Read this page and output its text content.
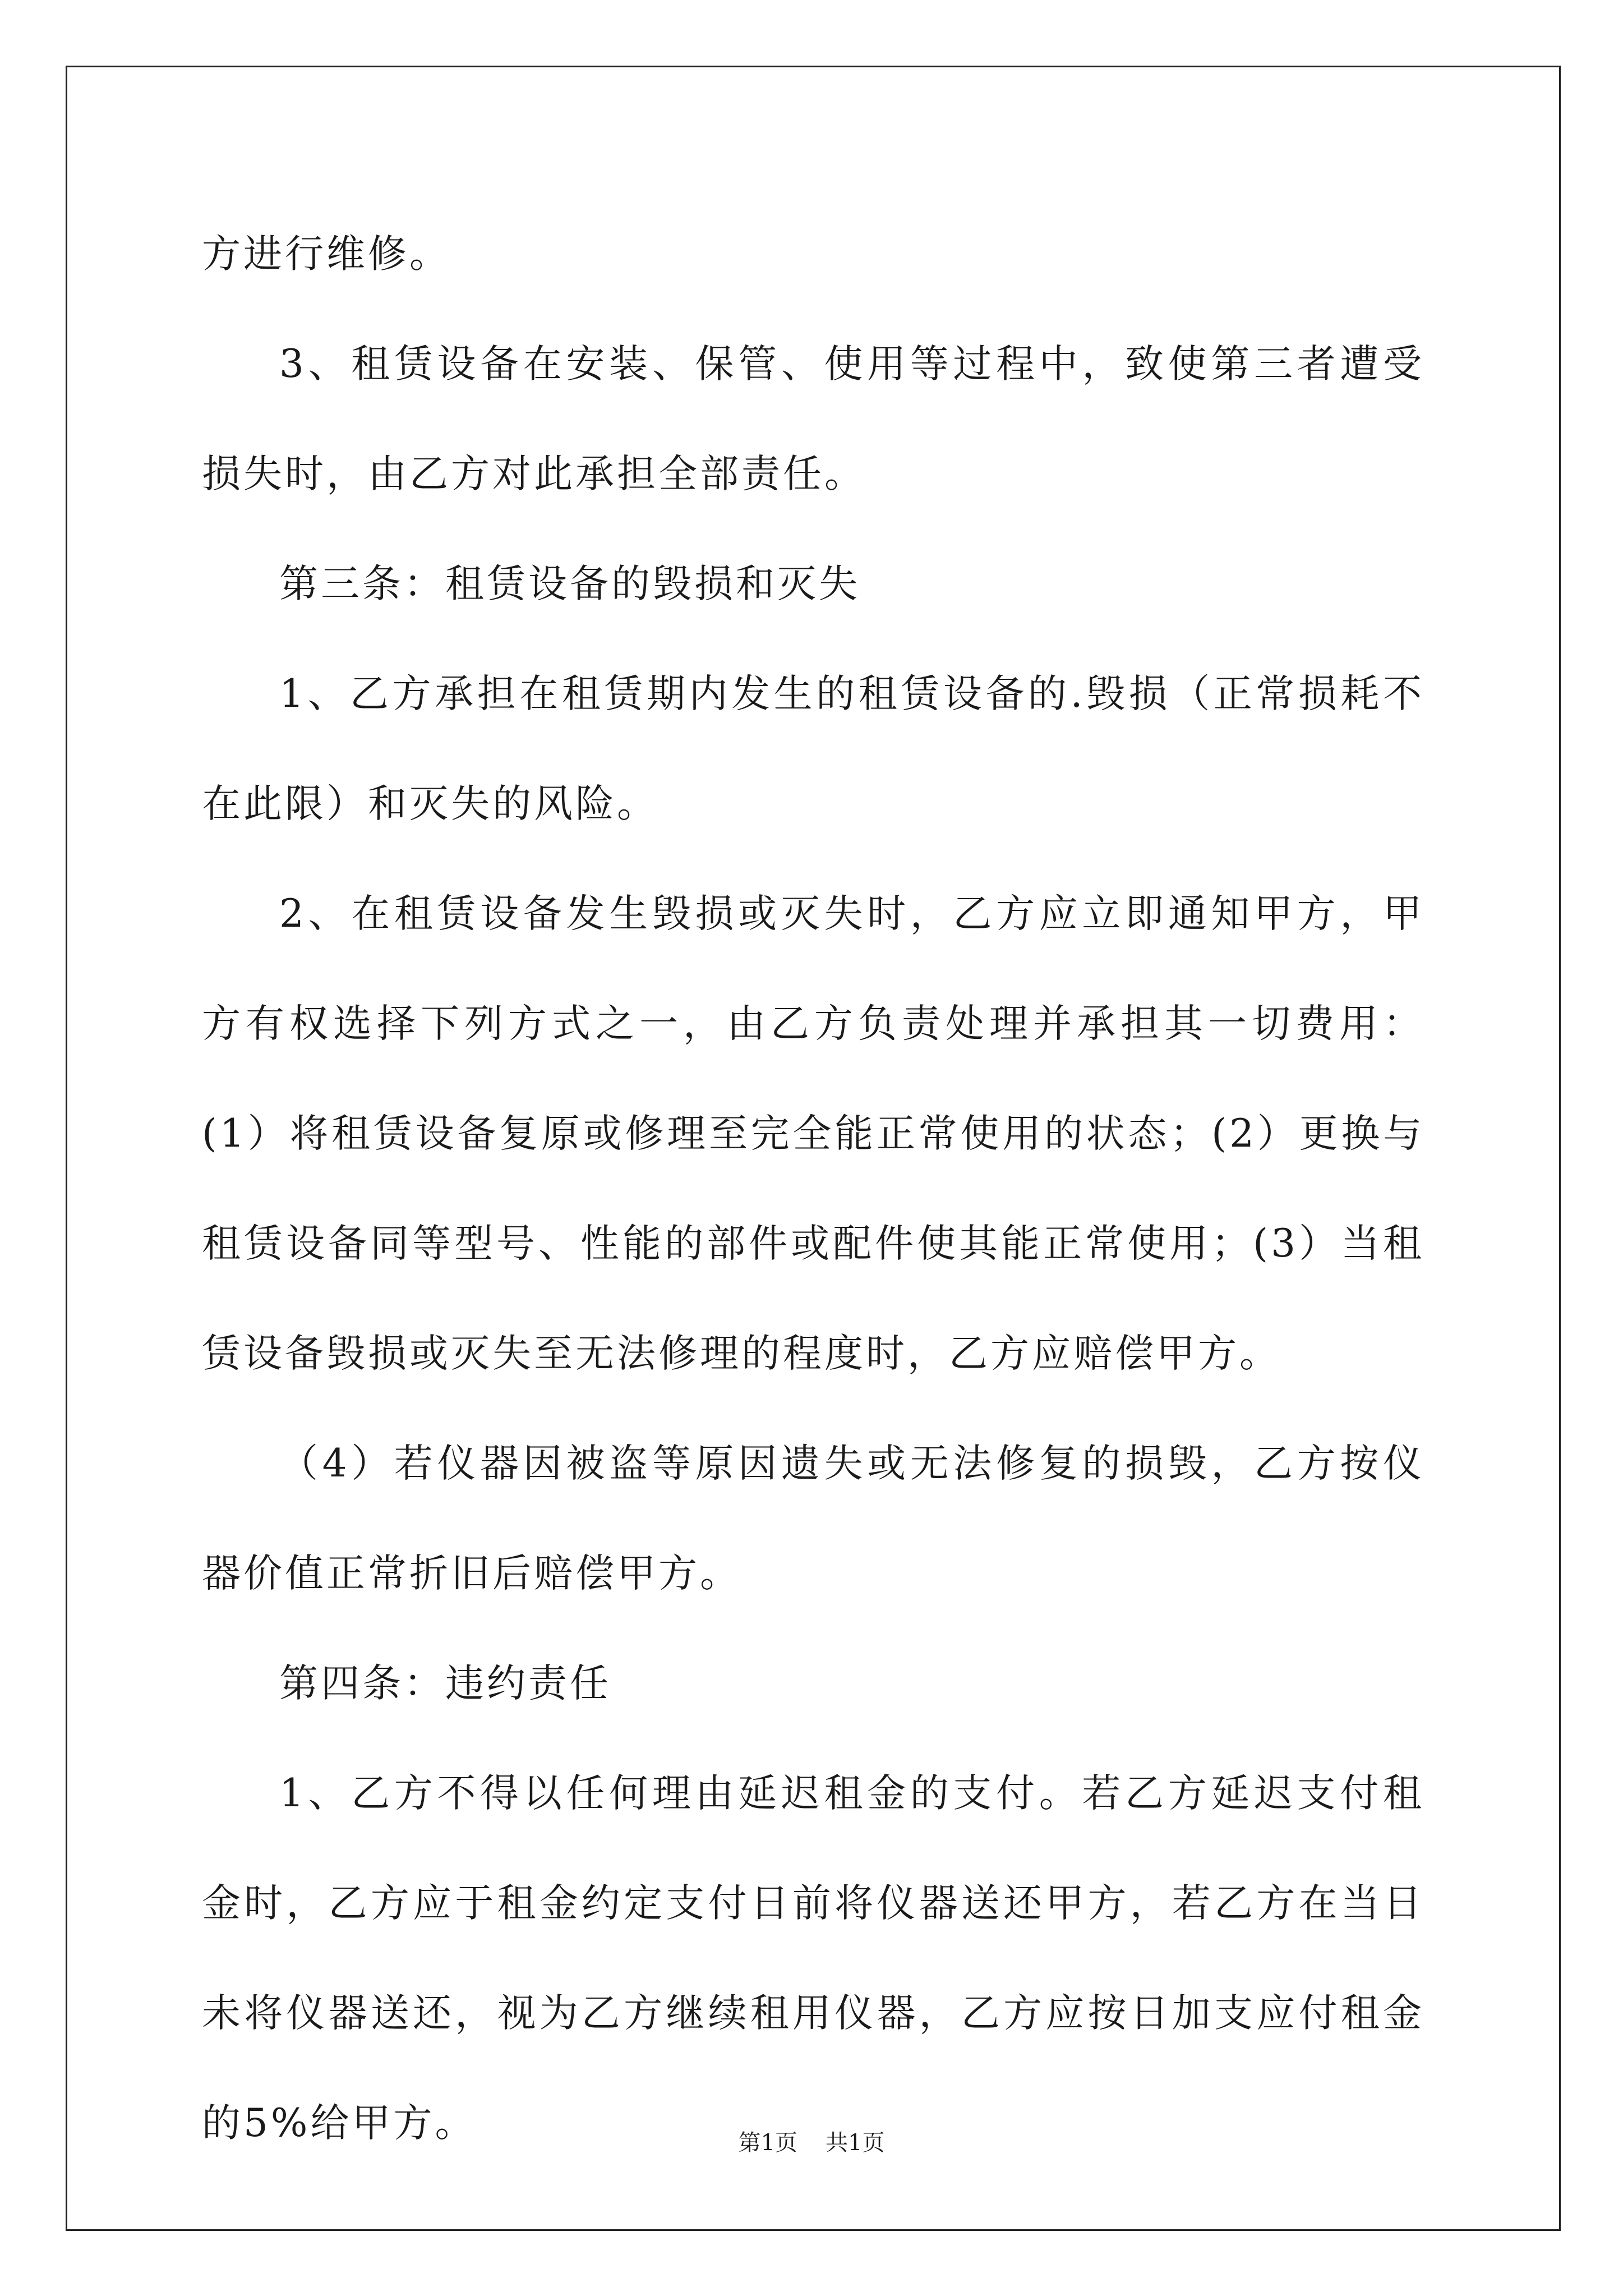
方进行维修。

3、租赁设备在安装、保管、使用等过程中，致使第三者遭受损失时，由乙方对此承担全部责任。

第三条：租赁设备的毁损和灭失

1、乙方承担在租赁期内发生的租赁设备的.毁损（正常损耗不在此限）和灭失的风险。

2、在租赁设备发生毁损或灭失时，乙方应立即通知甲方，甲方有权选择下列方式之一，由乙方负责处理并承担其一切费用：(1）将租赁设备复原或修理至完全能正常使用的状态；(2）更换与租赁设备同等型号、性能的部件或配件使其能正常使用；(3）当租赁设备毁损或灭失至无法修理的程度时，乙方应赔偿甲方。

（4）若仪器因被盗等原因遗失或无法修复的损毁，乙方按仪器价值正常折旧后赔偿甲方。

第四条：违约责任

1、乙方不得以任何理由延迟租金的支付。若乙方延迟支付租金时，乙方应于租金约定支付日前将仪器送还甲方，若乙方在当日未将仪器送还，视为乙方继续租用仪器，乙方应按日加支应付租金的5%给甲方。	第1页 共1页
